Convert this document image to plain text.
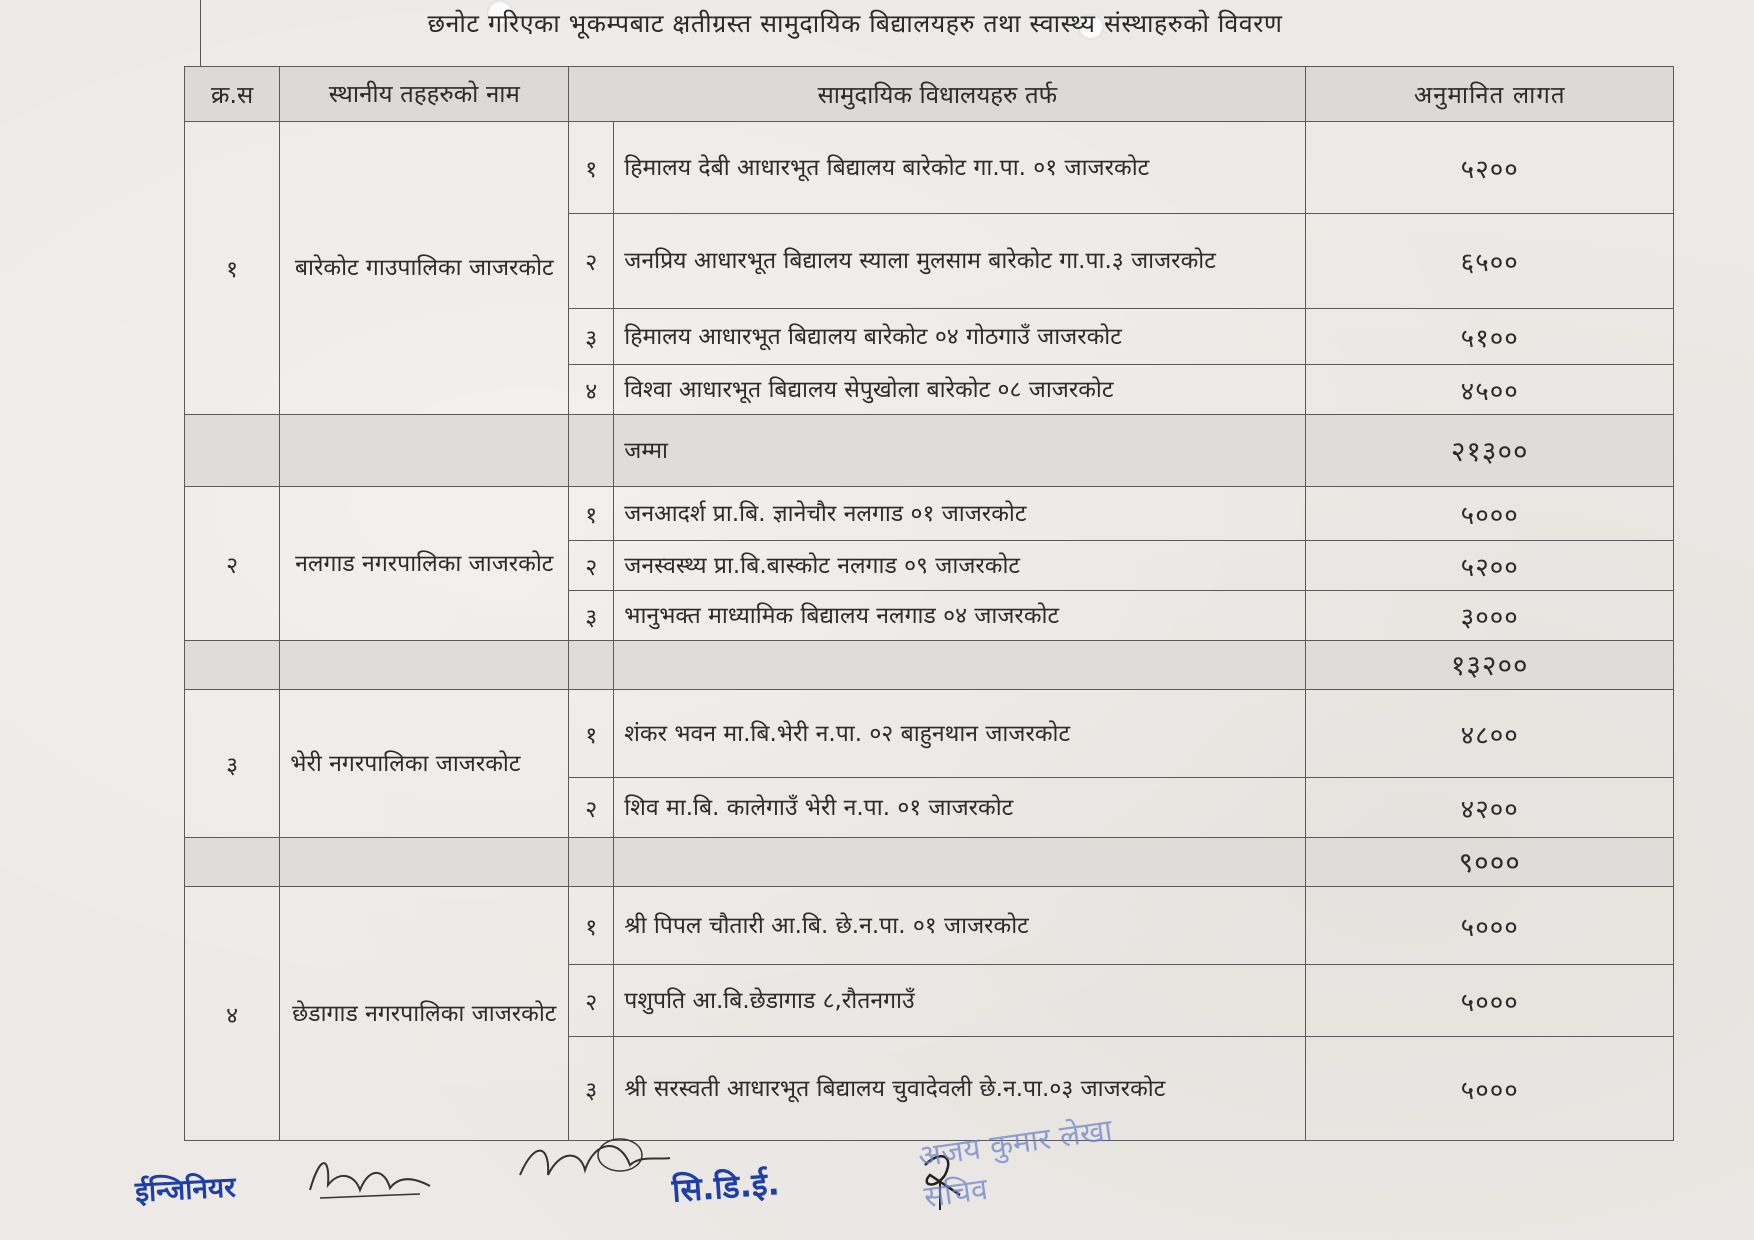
छनोट गरिएका भूकम्पबाट क्षतीग्रस्त सामुदायिक बिद्यालयहरु तथा स्वास्थ्य संस्थाहरुको विवरण
क्र.स	स्थानीय तहहरुको नाम	सामुदायिक विधालयहरु तर्फ		अनुमानित लागत
१	बारेकोट गाउपालिका जाजरकोट	१	हिमालय देबी आधारभूत बिद्यालय बारेकोट गा.पा. ०१ जाजरकोट	५२००
		२	जनप्रिय आधारभूत बिद्यालय स्याला मुलसाम बारेकोट गा.पा.३ जाजरकोट	६५००
		३	हिमालय आधारभूत बिद्यालय बारेकोट ०४ गोठगाउँ जाजरकोट	५१००
		४	विश्वा आधारभूत बिद्यालय सेपुखोला बारेकोट ०८ जाजरकोट	४५००
			जम्मा	२१३००
२	नलगाड नगरपालिका जाजरकोट	१	जनआदर्श प्रा.बि. ज्ञानेचौर नलगाड ०१ जाजरकोट	५०००
		२	जनस्वस्थ्य प्रा.बि.बास्कोट नलगाड ०९ जाजरकोट	५२००
		३	भानुभक्त माध्यामिक बिद्यालय नलगाड ०४ जाजरकोट	३०००
				१३२००
३	भेरी नगरपालिका जाजरकोट	१	शंकर भवन मा.बि.भेरी न.पा. ०२ बाहुनथान जाजरकोट	४८००
		२	शिव मा.बि. कालेगाउँ भेरी न.पा. ०१ जाजरकोट	४२००
				९०००
४	छेडागाड नगरपालिका जाजरकोट	१	श्री पिपल चौतारी आ.बि. छे.न.पा. ०१ जाजरकोट	५०००
		२	पशुपति आ.बि.छेडागाड ८,रौतनगाउँ	५०००
		३	श्री सरस्वती आधारभूत बिद्यालय चुवादेवली छे.न.पा.०३ जाजरकोट	५०००
ईन्जिनियर	सि.डि.ई.
अजय कुमार लेखा सचिव
